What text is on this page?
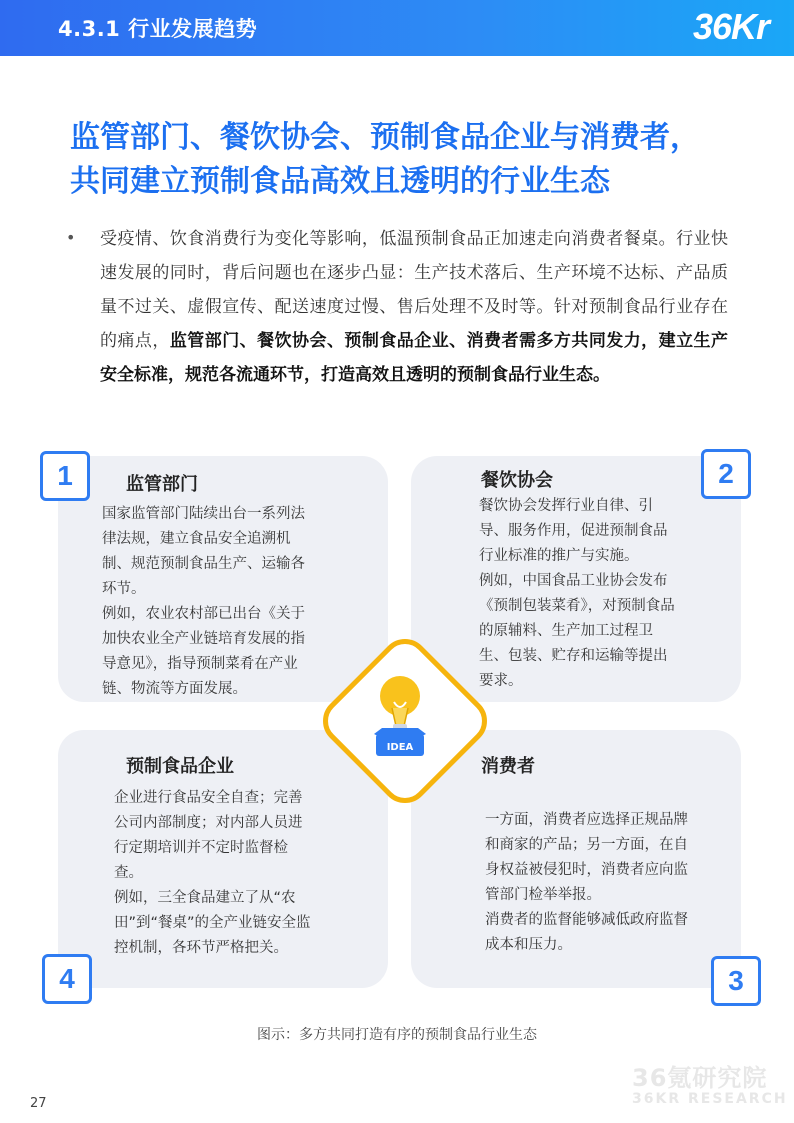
4.3.1 行业发展趋势	36Kr
监管部门、餐饮协会、预制食品企业与消费者，
共同建立预制食品高效且透明的行业生态
• 受疫情、饮食消费行为变化等影响，低温预制食品正加速走向消费者餐桌。行业快速发展的同时，背后问题也在逐步凸显：生产技术落后、生产环境不达标、产品质量不过关、虚假宣传、配送速度过慢、售后处理不及时等。针对预制食品行业存在的痛点，监管部门、餐饮协会、预制食品企业、消费者需多方共同发力，建立生产安全标准，规范各流通环节，打造高效且透明的预制食品行业生态。
监管部门

国家监管部门陆续出台一系列法律法规，建立食品安全追溯机制、规范预制食品生产、运输各环节。

例如，农业农村部已出台《关于加快农业全产业链培育发展的指导意见》，指导预制菜肴在产业链、物流等方面发展。

1	餐饮协会

餐饮协会发挥行业自律、引导、服务作用，促进预制食品行业标准的推广与实施。

例如，中国食品工业协会发布《预制包装菜肴》，对预制食品的原辅料、生产加工过程卫生、包装、贮存和运输等提出要求。

2
预制食品企业

企业进行食品安全自查；完善公司内部制度；对内部人员进行定期培训并不定时监督检查。

例如，三全食品建立了从“农田”到“餐桌”的全产业链安全监控机制，各环节严格把关。

4
消费者

一方面，消费者应选择正规品牌和商家的产品；另一方面，在自身权益被侵犯时，消费者应向监管部门检举举报。

消费者的监督能够减低政府监督成本和压力。

3
IDEA
图示：多方共同打造有序的预制食品行业生态
36氪研究院
36KR RESEARCH
27
